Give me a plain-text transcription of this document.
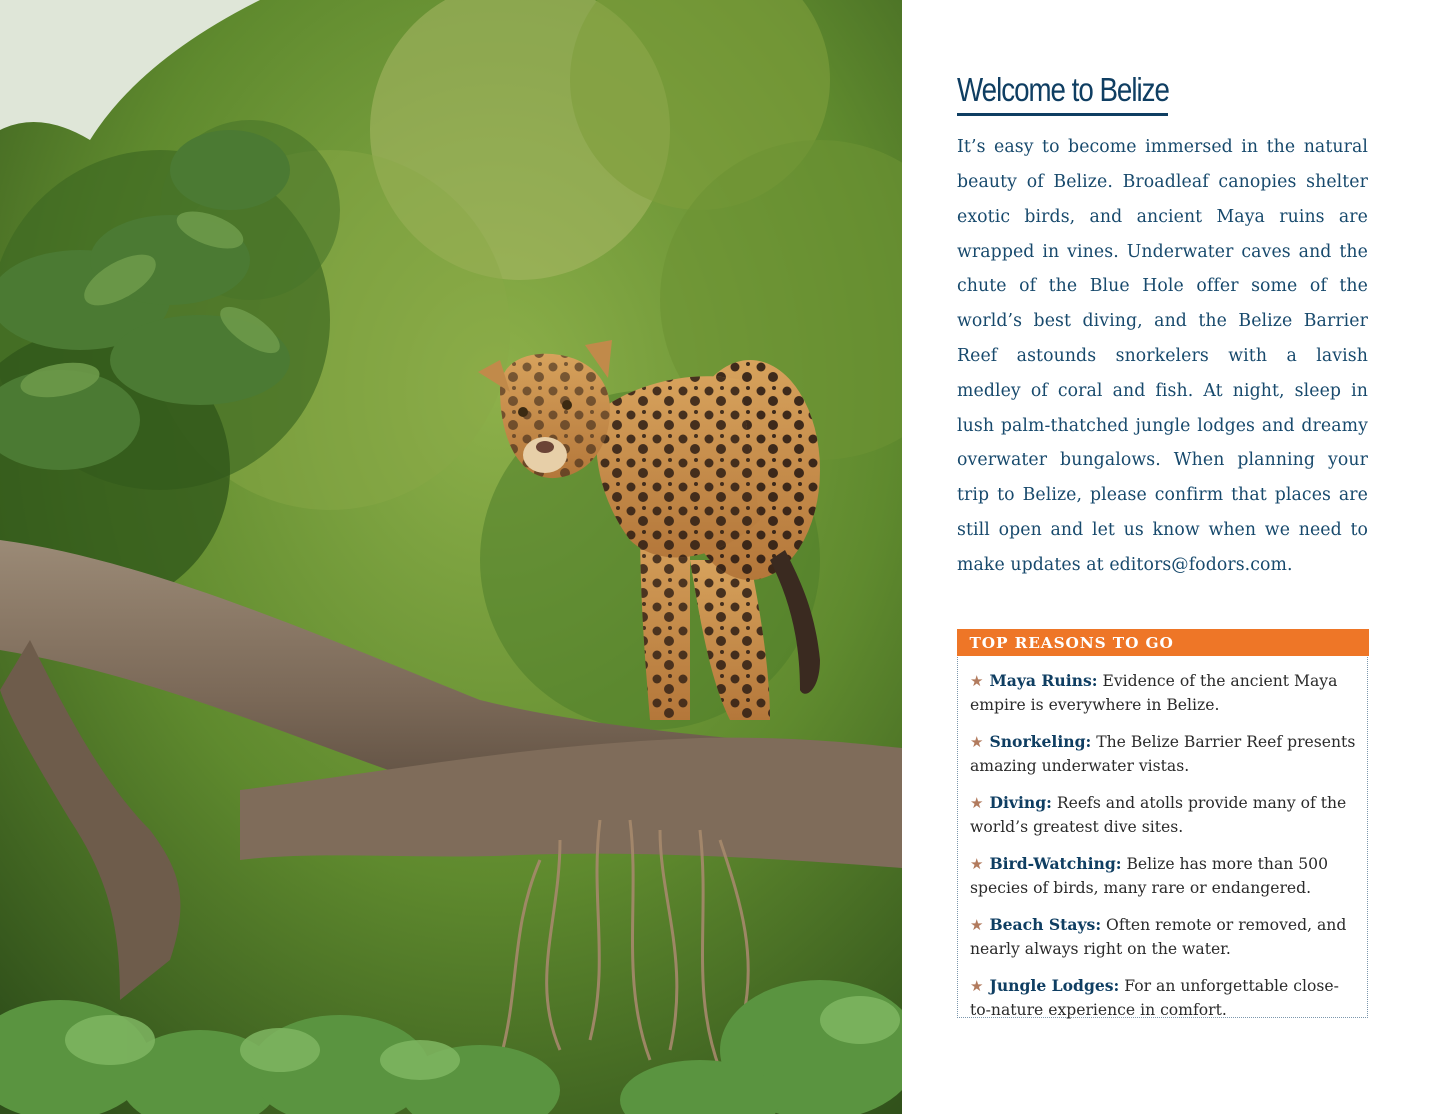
Welcome to Belize

It’s easy to become immersed in the natural beauty of Belize. Broadleaf canopies shelter exotic birds, and ancient Maya ruins are wrapped in vines. Underwater caves and the chute of the Blue Hole offer some of the world’s best diving, and the Belize Barrier Reef astounds snorkelers with a lavish medley of coral and fish. At night, sleep in lush palm-thatched jungle lodges and dreamy overwater bungalows. When planning your trip to Belize, please confirm that places are still open and let us know when we need to make updates at editors@fodors.com.

TOP REASONS TO GO
★ Maya Ruins: Evidence of the ancient Maya empire is everywhere in Belize.
★ Snorkeling: The Belize Barrier Reef presents amazing underwater vistas.
★ Diving: Reefs and atolls provide many of the world’s greatest dive sites.
★ Bird-Watching: Belize has more than 500 species of birds, many rare or endangered.
★ Beach Stays: Often remote or removed, and nearly always right on the water.
★ Jungle Lodges: For an unforgettable close-to-nature experience in comfort.
